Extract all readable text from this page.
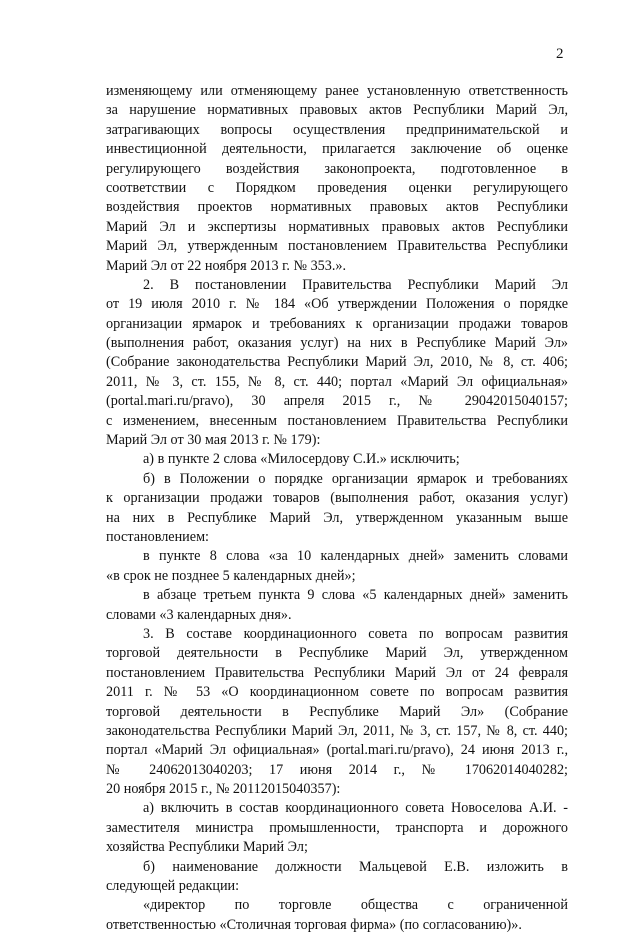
2
изменяющему или отменяющему ранее установленную ответственность
за нарушение нормативных правовых актов Республики Марий Эл,
затрагивающих вопросы осуществления предпринимательской и
инвестиционной деятельности, прилагается заключение об оценке
регулирующего воздействия законопроекта, подготовленное в
соответствии с Порядком проведения оценки регулирующего
воздействия проектов нормативных правовых актов Республики
Марий Эл и экспертизы нормативных правовых актов Республики
Марий Эл, утвержденным постановлением Правительства Республики
Марий Эл от 22 ноября 2013 г. № 353.».
2. В постановлении Правительства Республики Марий Эл
от 19 июля 2010 г. № 184 «Об утверждении Положения о порядке
организации ярмарок и требованиях к организации продажи товаров
(выполнения работ, оказания услуг) на них в Республике Марий Эл»
(Собрание законодательства Республики Марий Эл, 2010, № 8, ст. 406;
2011, № 3, ст. 155, № 8, ст. 440; портал «Марий Эл официальная»
(portal.mari.ru/pravo), 30 апреля 2015 г., № 29042015040157;
с изменением, внесенным постановлением Правительства Республики
Марий Эл от 30 мая 2013 г. № 179):
а) в пункте 2 слова «Милосердову С.И.» исключить;
б) в Положении о порядке организации ярмарок и требованиях
к организации продажи товаров (выполнения работ, оказания услуг)
на них в Республике Марий Эл, утвержденном указанным выше
постановлением:
в пункте 8 слова «за 10 календарных дней» заменить словами
«в срок не позднее 5 календарных дней»;
в абзаце третьем пункта 9 слова «5 календарных дней» заменить
словами «3 календарных дня».
3. В составе координационного совета по вопросам развития
торговой деятельности в Республике Марий Эл, утвержденном
постановлением Правительства Республики Марий Эл от 24 февраля
2011 г. № 53 «О координационном совете по вопросам развития
торговой деятельности в Республике Марий Эл» (Собрание
законодательства Республики Марий Эл, 2011, № 3, ст. 157, № 8, ст. 440;
портал «Марий Эл официальная» (portal.mari.ru/pravo), 24 июня 2013 г.,
№ 24062013040203; 17 июня 2014 г., № 17062014040282;
20 ноября 2015 г., № 20112015040357):
а) включить в состав координационного совета Новоселова А.И. -
заместителя министра промышленности, транспорта и дорожного
хозяйства Республики Марий Эл;
б) наименование должности Мальцевой Е.В. изложить в
следующей редакции:
«директор по торговле общества с ограниченной
ответственностью «Столичная торговая фирма» (по согласованию)».
